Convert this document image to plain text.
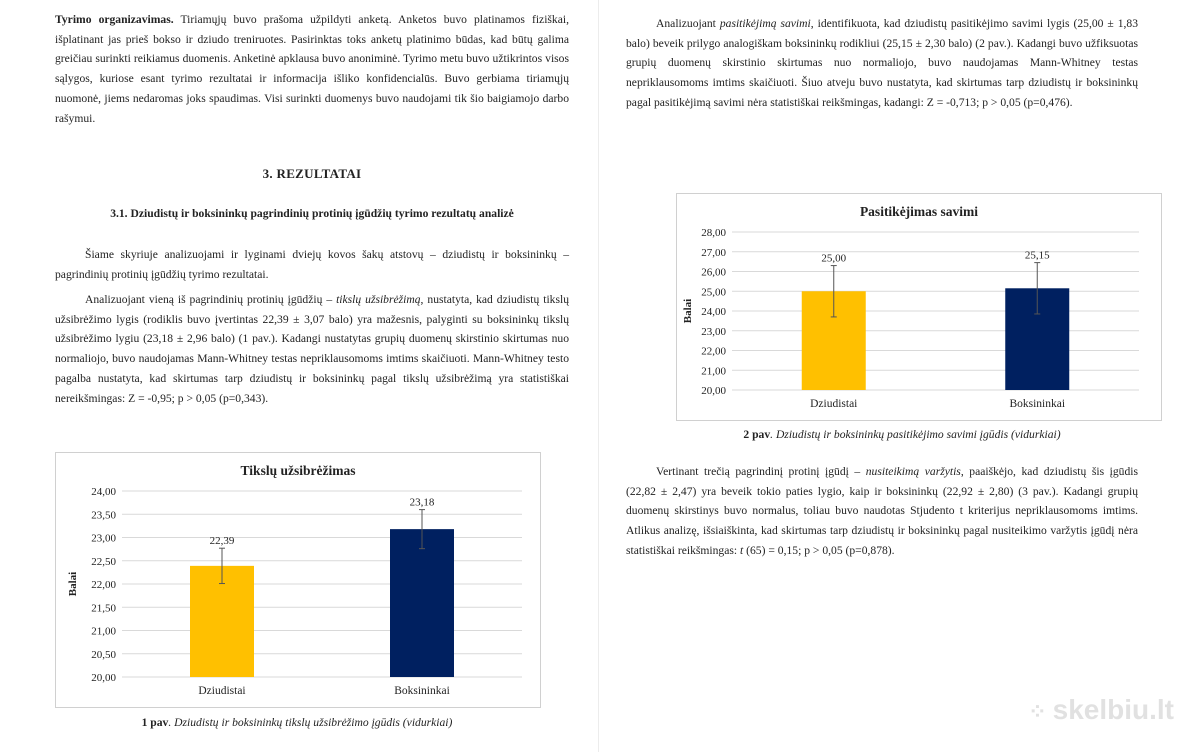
Tyrimo organizavimas. Tiriamųjų buvo prašoma užpildyti anketą. Anketos buvo platinamos fiziškai, išplatinant jas prieš bokso ir dziudo treniruotes. Pasirinktas toks anketų platinimo būdas, kad būtų galima greičiau surinkti reikiamus duomenis. Anketinė apklausa buvo anoniminė. Tyrimo metu buvo užtikrintos visos sąlygos, kuriose esant tyrimo rezultatai ir informacija išliko konfidencialūs. Buvo gerbiama tiriamųjų nuomonė, jiems nedaromas joks spaudimas. Visi surinkti duomenys buvo naudojami tik šio baigiamojo darbo rašymui.

3. REZULTATAI
3.1. Dziudistų ir boksininkų pagrindinių protinių įgūdžių tyrimo rezultatų analizė

Šiame skyriuje analizuojami ir lyginami dviejų kovos šakų atstovų – dziudistų ir boksininkų – pagrindinių protinių įgūdžių tyrimo rezultatai.

Analizuojant vieną iš pagrindinių protinių įgūdžių – tikslų užsibrėžimą, nustatyta, kad dziudistų tikslų užsibrėžimo lygis (rodiklis buvo įvertintas 22,39 ± 3,07 balo) yra mažesnis, palyginti su boksininkų tikslų užsibrėžimo lygiu (23,18 ± 2,96 balo) (1 pav.). Kadangi nustatytas grupių duomenų skirstinio skirtumas nuo normaliojo, buvo naudojamas Mann-Whitney testas nepriklausomoms imtims skaičiuoti. Mann-Whitney testo pagalba nustatyta, kad skirtumas tarp dziudistų ir boksininkų pagal tikslų užsibrėžimą yra statistiškai nereikšmingas: Z = -0,95; p > 0,05 (p=0,343).

Tikslų užsibrėžimas
20,00
20,50
21,00
21,50
22,00
22,50
23,00
23,50
24,00
Balai
22,39
Dziudistai
23,18
Boksininkai
1 pav. Dziudistų ir boksininkų tikslų užsibrėžimo įgūdis (vidurkiai)

Analizuojant pasitikėjimą savimi, identifikuota, kad dziudistų pasitikėjimo savimi lygis (25,00 ± 1,83 balo) beveik prilygo analogiškam boksininkų rodikliui (25,15 ± 2,30 balo) (2 pav.). Kadangi buvo užfiksuotas grupių duomenų skirstinio skirtumas nuo normaliojo, buvo naudojamas Mann-Whitney testas nepriklausomoms imtims skaičiuoti. Šiuo atveju buvo nustatyta, kad skirtumas tarp dziudistų ir boksininkų pagal pasitikėjimą savimi nėra statistiškai reikšmingas, kadangi: Z = -0,713; p > 0,05 (p=0,476).

Vertinant trečią pagrindinį protinį įgūdį – nusiteikimą varžytis, paaiškėjo, kad dziudistų šis įgūdis (22,82 ± 2,47) yra beveik tokio paties lygio, kaip ir boksininkų (22,92 ± 2,80) (3 pav.). Kadangi grupių duomenų skirstinys buvo normalus, toliau buvo naudotas Stjudento t kriterijus nepriklausomoms imtims. Atlikus analizę, išsiaiškinta, kad skirtumas tarp dziudistų ir boksininkų pagal nusiteikimo varžytis įgūdį nėra statistiškai reikšmingas: t (65) = 0,15; p > 0,05 (p=0,878).

Pasitikėjimas savimi
20,00
21,00
22,00
23,00
24,00
25,00
26,00
27,00
28,00
Balai
25,00
Dziudistai
25,15
Boksininkai
2 pav. Dziudistų ir boksininkų pasitikėjimo savimi įgūdis (vidurkiai)
⁘ skelbiu.lt
